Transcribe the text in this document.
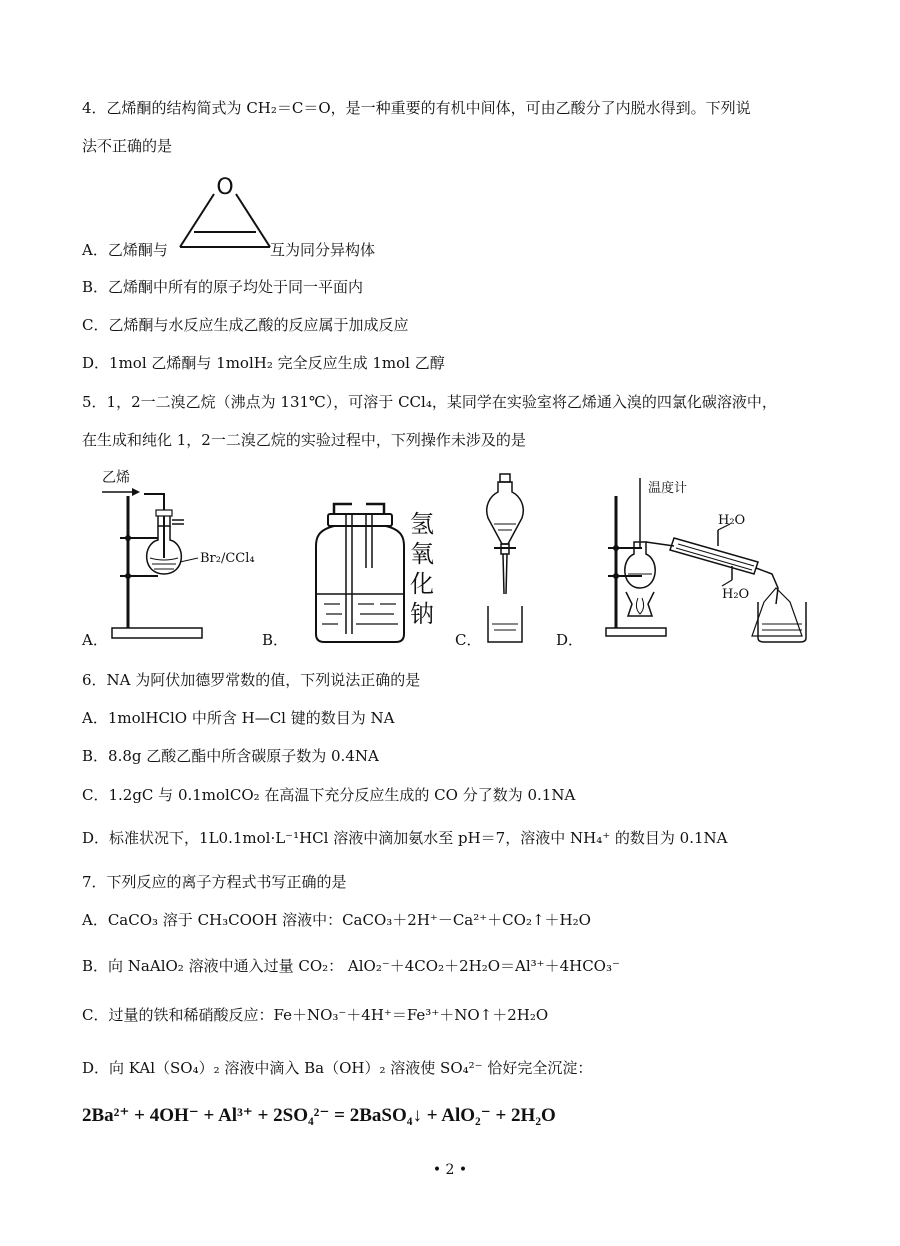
4．乙烯酮的结构简式为 CH₂＝C＝O，是一种重要的有机中间体，可由乙酸分了内脱水得到。下列说
法不正确的是
A．乙烯酮与
O
互为同分异构体
B．乙烯酮中所有的原子均处于同一平面内
C．乙烯酮与水反应生成乙酸的反应属于加成反应
D．1mol 乙烯酮与 1molH₂ 完全反应生成 1mol 乙醇
5．1，2一二溴乙烷（沸点为 131℃），可溶于 CCl₄，某同学在实验室将乙烯通入溴的四氯化碳溶液中，
在生成和纯化 1，2一二溴乙烷的实验过程中，下列操作未涉及的是
乙烯
Br₂/CCl₄
A．
氢
氧
化
钠
B．	C．
温度计
H₂O
H₂O
D．
6．NA 为阿伏加德罗常数的值，下列说法正确的是
A．1molHClO 中所含 H—Cl 键的数目为 NA
B．8.8g 乙酸乙酯中所含碳原子数为 0.4NA
C．1.2gC 与 0.1molCO₂ 在高温下充分反应生成的 CO 分了数为 0.1NA
D．标准状况下，1L0.1mol·L⁻¹HCl 溶液中滴加氨水至 pH＝7，溶液中 NH₄⁺ 的数目为 0.1NA
7．下列反应的离子方程式书写正确的是
A．CaCO₃ 溶于 CH₃COOH 溶液中：CaCO₃＋2H⁺－Ca²⁺＋CO₂↑＋H₂O
B．向 NaAlO₂ 溶液中通入过量 CO₂： AlO₂⁻＋4CO₂＋2H₂O＝Al³⁺＋4HCO₃⁻
C．过量的铁和稀硝酸反应：Fe＋NO₃⁻＋4H⁺＝Fe³⁺＋NO↑＋2H₂O
D．向 KAl（SO₄）₂ 溶液中滴入 Ba（OH）₂ 溶液使 SO₄²⁻ 恰好完全沉淀：
2Ba²⁺ + 4OH⁻ + Al³⁺ + 2SO₄²⁻ = 2BaSO₄↓ + AlO₂⁻ + 2H₂O
• 2 •
